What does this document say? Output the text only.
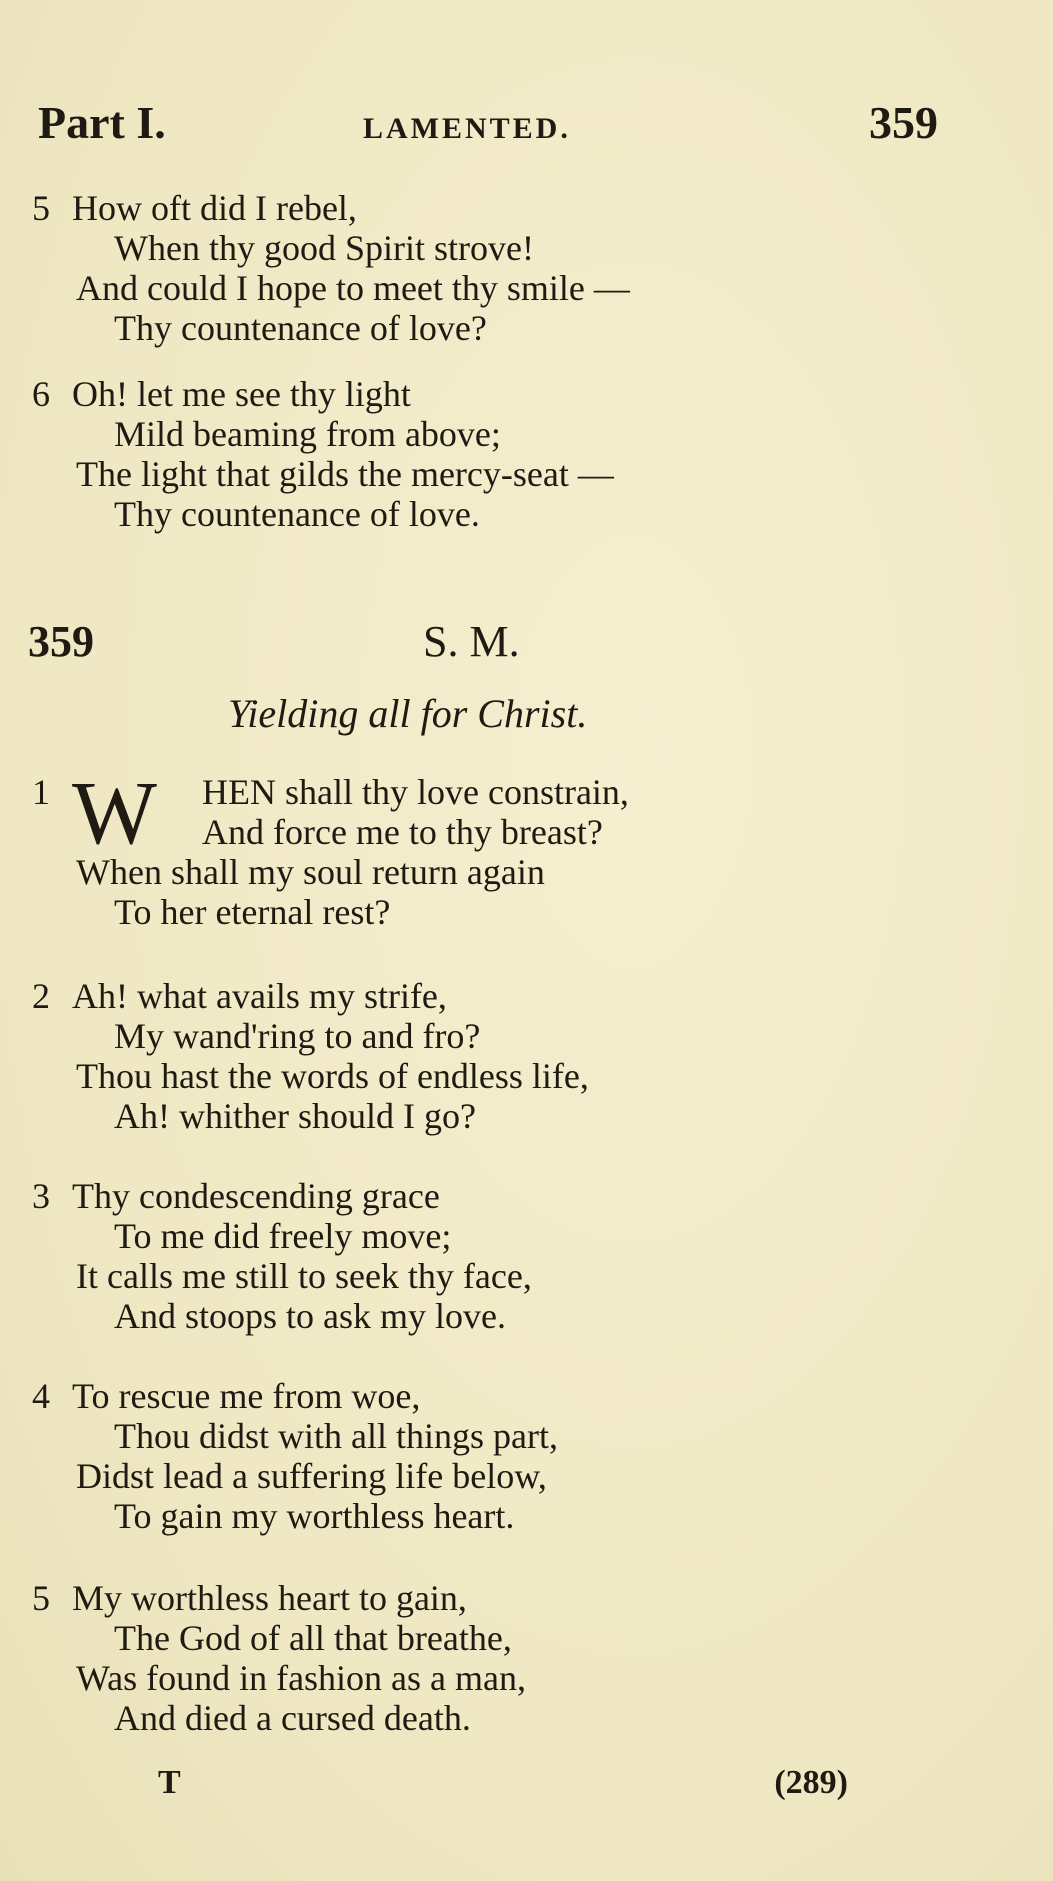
Part I.	LAMENTED.	359
5 How oft did I rebel,
When thy good Spirit strove!
And could I hope to meet thy smile —
Thy countenance of love?
6 Oh! let me see thy light
Mild beaming from above;
The light that gilds the mercy-seat —
Thy countenance of love.
359	S. M.
Yielding all for Christ.
1 W	HEN shall thy love constrain,
And force me to thy breast?
When shall my soul return again
To her eternal rest?
2 Ah! what avails my strife,
My wand'ring to and fro?
Thou hast the words of endless life,
Ah! whither should I go?
3 Thy condescending grace
To me did freely move;
It calls me still to seek thy face,
And stoops to ask my love.
4 To rescue me from woe,
Thou didst with all things part,
Didst lead a suffering life below,
To gain my worthless heart.
5 My worthless heart to gain,
The God of all that breathe,
Was found in fashion as a man,
And died a cursed death.
T	(289)
